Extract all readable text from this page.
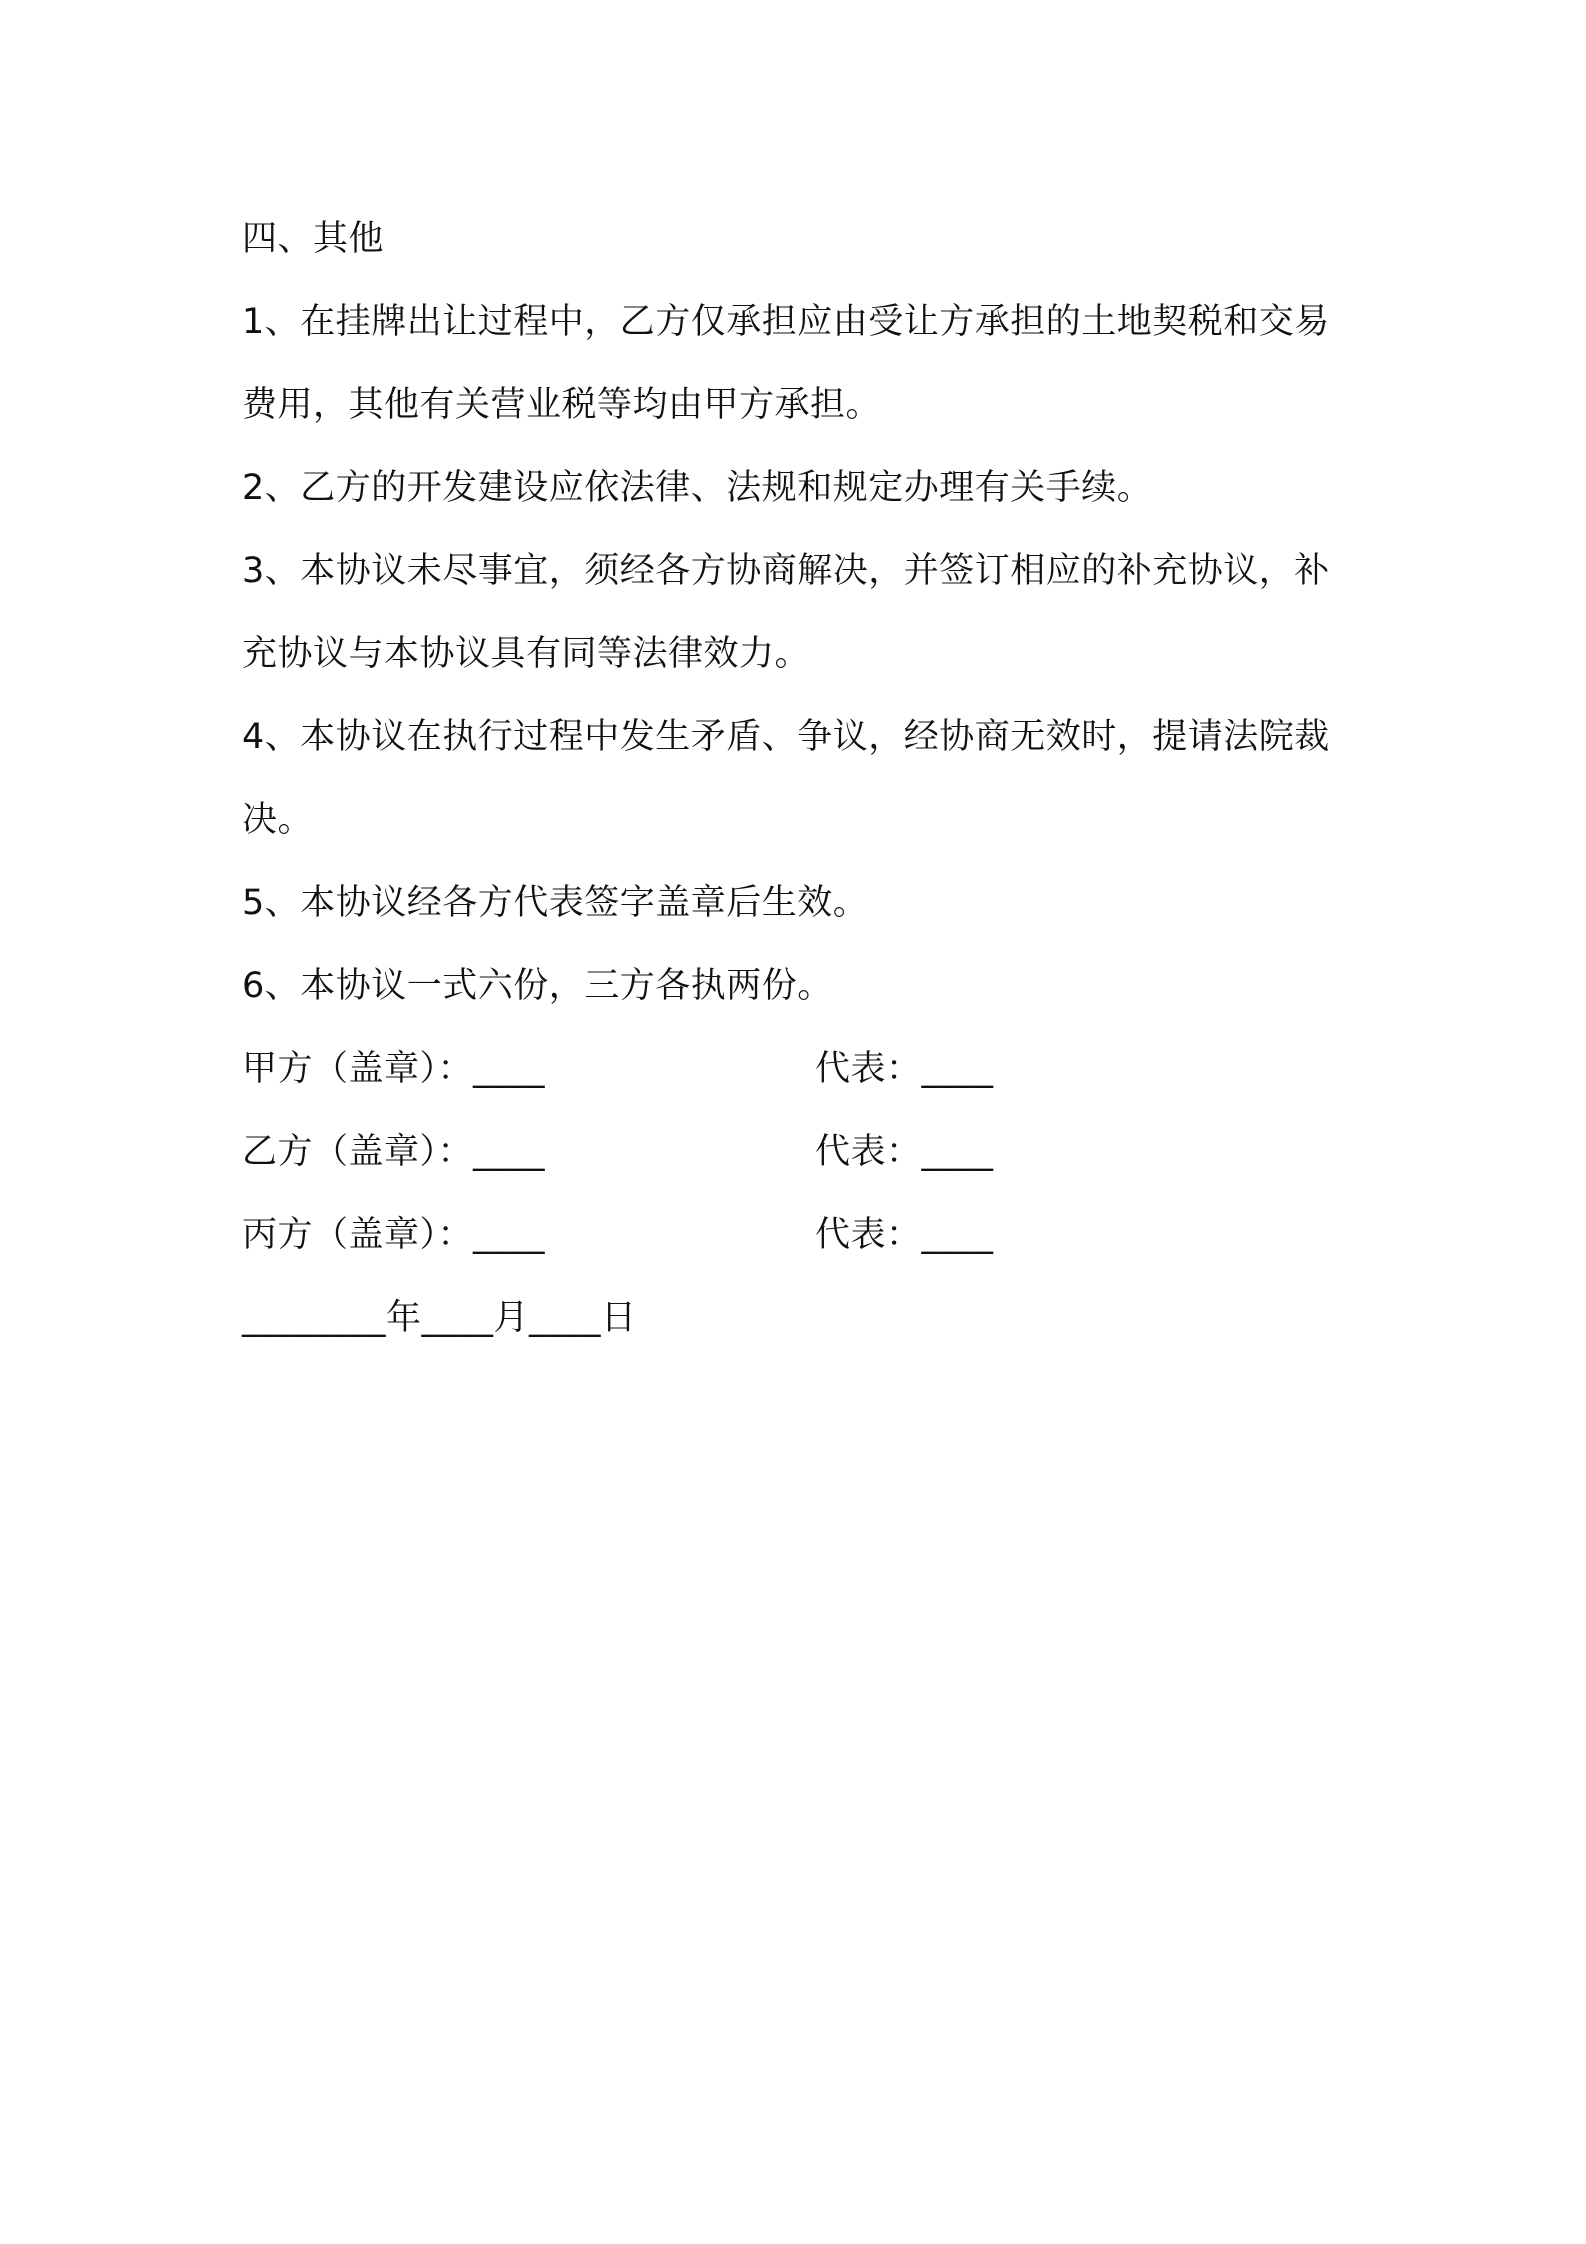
四、其他
1、在挂牌出让过程中，乙方仅承担应由受让方承担的土地契税和交易费用，其他有关营业税等均由甲方承担。
2、乙方的开发建设应依法律、法规和规定办理有关手续。
3、本协议未尽事宜，须经各方协商解决，并签订相应的补充协议，补充协议与本协议具有同等法律效力。
4、本协议在执行过程中发生矛盾、争议，经协商无效时，提请法院裁决。
5、本协议经各方代表签字盖章后生效。
6、本协议一式六份，三方各执两份。
甲方（盖章）：____	代表：____
乙方（盖章）：____	代表：____
丙方（盖章）：____	代表：____
________年____月____日
